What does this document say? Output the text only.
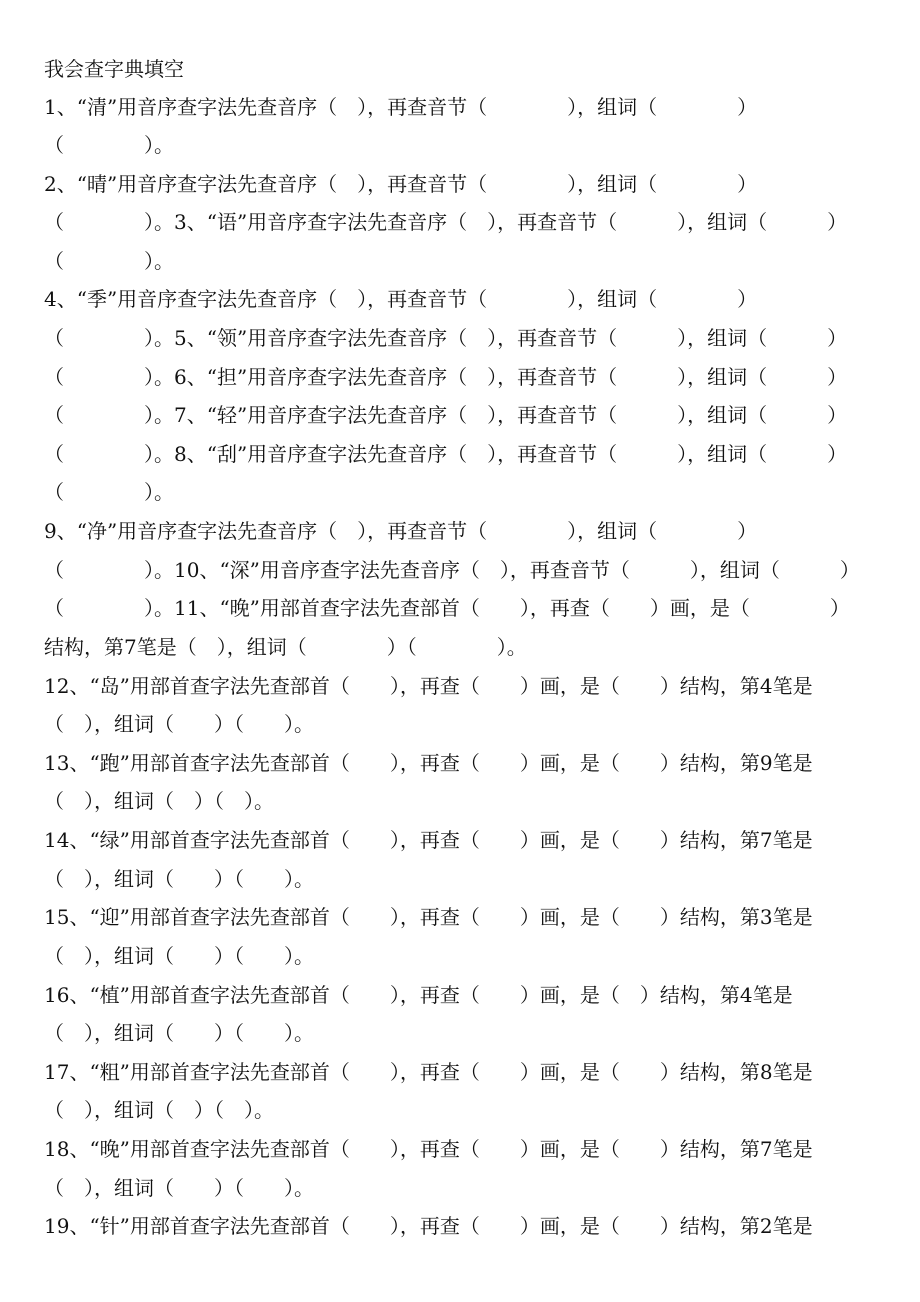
我会查字典填空
1、“清”用音序查字法先查音序（　），再查音节（　　　　），组词（　　　　）
（　　　　）。
2、“晴”用音序查字法先查音序（　），再查音节（　　　　），组词（　　　　）
（　　　　）。3、“语”用音序查字法先查音序（　），再查音节（　　　），组词（　　　）
（　　　　）。
4、“季”用音序查字法先查音序（　），再查音节（　　　　），组词（　　　　）
（　　　　）。5、“领”用音序查字法先查音序（　），再查音节（　　　），组词（　　　）
（　　　　）。6、“担”用音序查字法先查音序（　），再查音节（　　　），组词（　　　）
（　　　　）。7、“轻”用音序查字法先查音序（　），再查音节（　　　），组词（　　　）
（　　　　）。8、“刮”用音序查字法先查音序（　），再查音节（　　　），组词（　　　）
（　　　　）。
9、“净”用音序查字法先查音序（　），再查音节（　　　　），组词（　　　　）
（　　　　）。10、“深”用音序查字法先查音序（　），再查音节（　　　），组词（　　　）
（　　　　）。11、“晚”用部首查字法先查部首（　　），再查（　　）画，是（　　　　）
结构，第7笔是（　），组词（　　　　）（　　　　）。
12、“岛”用部首查字法先查部首（　　），再查（　　）画，是（　　）结构，第4笔是
（　），组词（　　）（　　）。
13、“跑”用部首查字法先查部首（　　），再查（　　）画，是（　　）结构，第9笔是
（　），组词（　）（　）。
14、“绿”用部首查字法先查部首（　　），再查（　　）画，是（　　）结构，第7笔是
（　），组词（　　）（　　）。
15、“迎”用部首查字法先查部首（　　），再查（　　）画，是（　　）结构，第3笔是
（　），组词（　　）（　　）。
16、“植”用部首查字法先查部首（　　），再查（　　）画，是（　）结构，第4笔是
（　），组词（　　）（　　）。
17、“粗”用部首查字法先查部首（　　），再查（　　）画，是（　　）结构，第8笔是
（　），组词（　）（　）。
18、“晚”用部首查字法先查部首（　　），再查（　　）画，是（　　）结构，第7笔是
（　），组词（　　）（　　）。
19、“针”用部首查字法先查部首（　　），再查（　　）画，是（　　）结构，第2笔是
